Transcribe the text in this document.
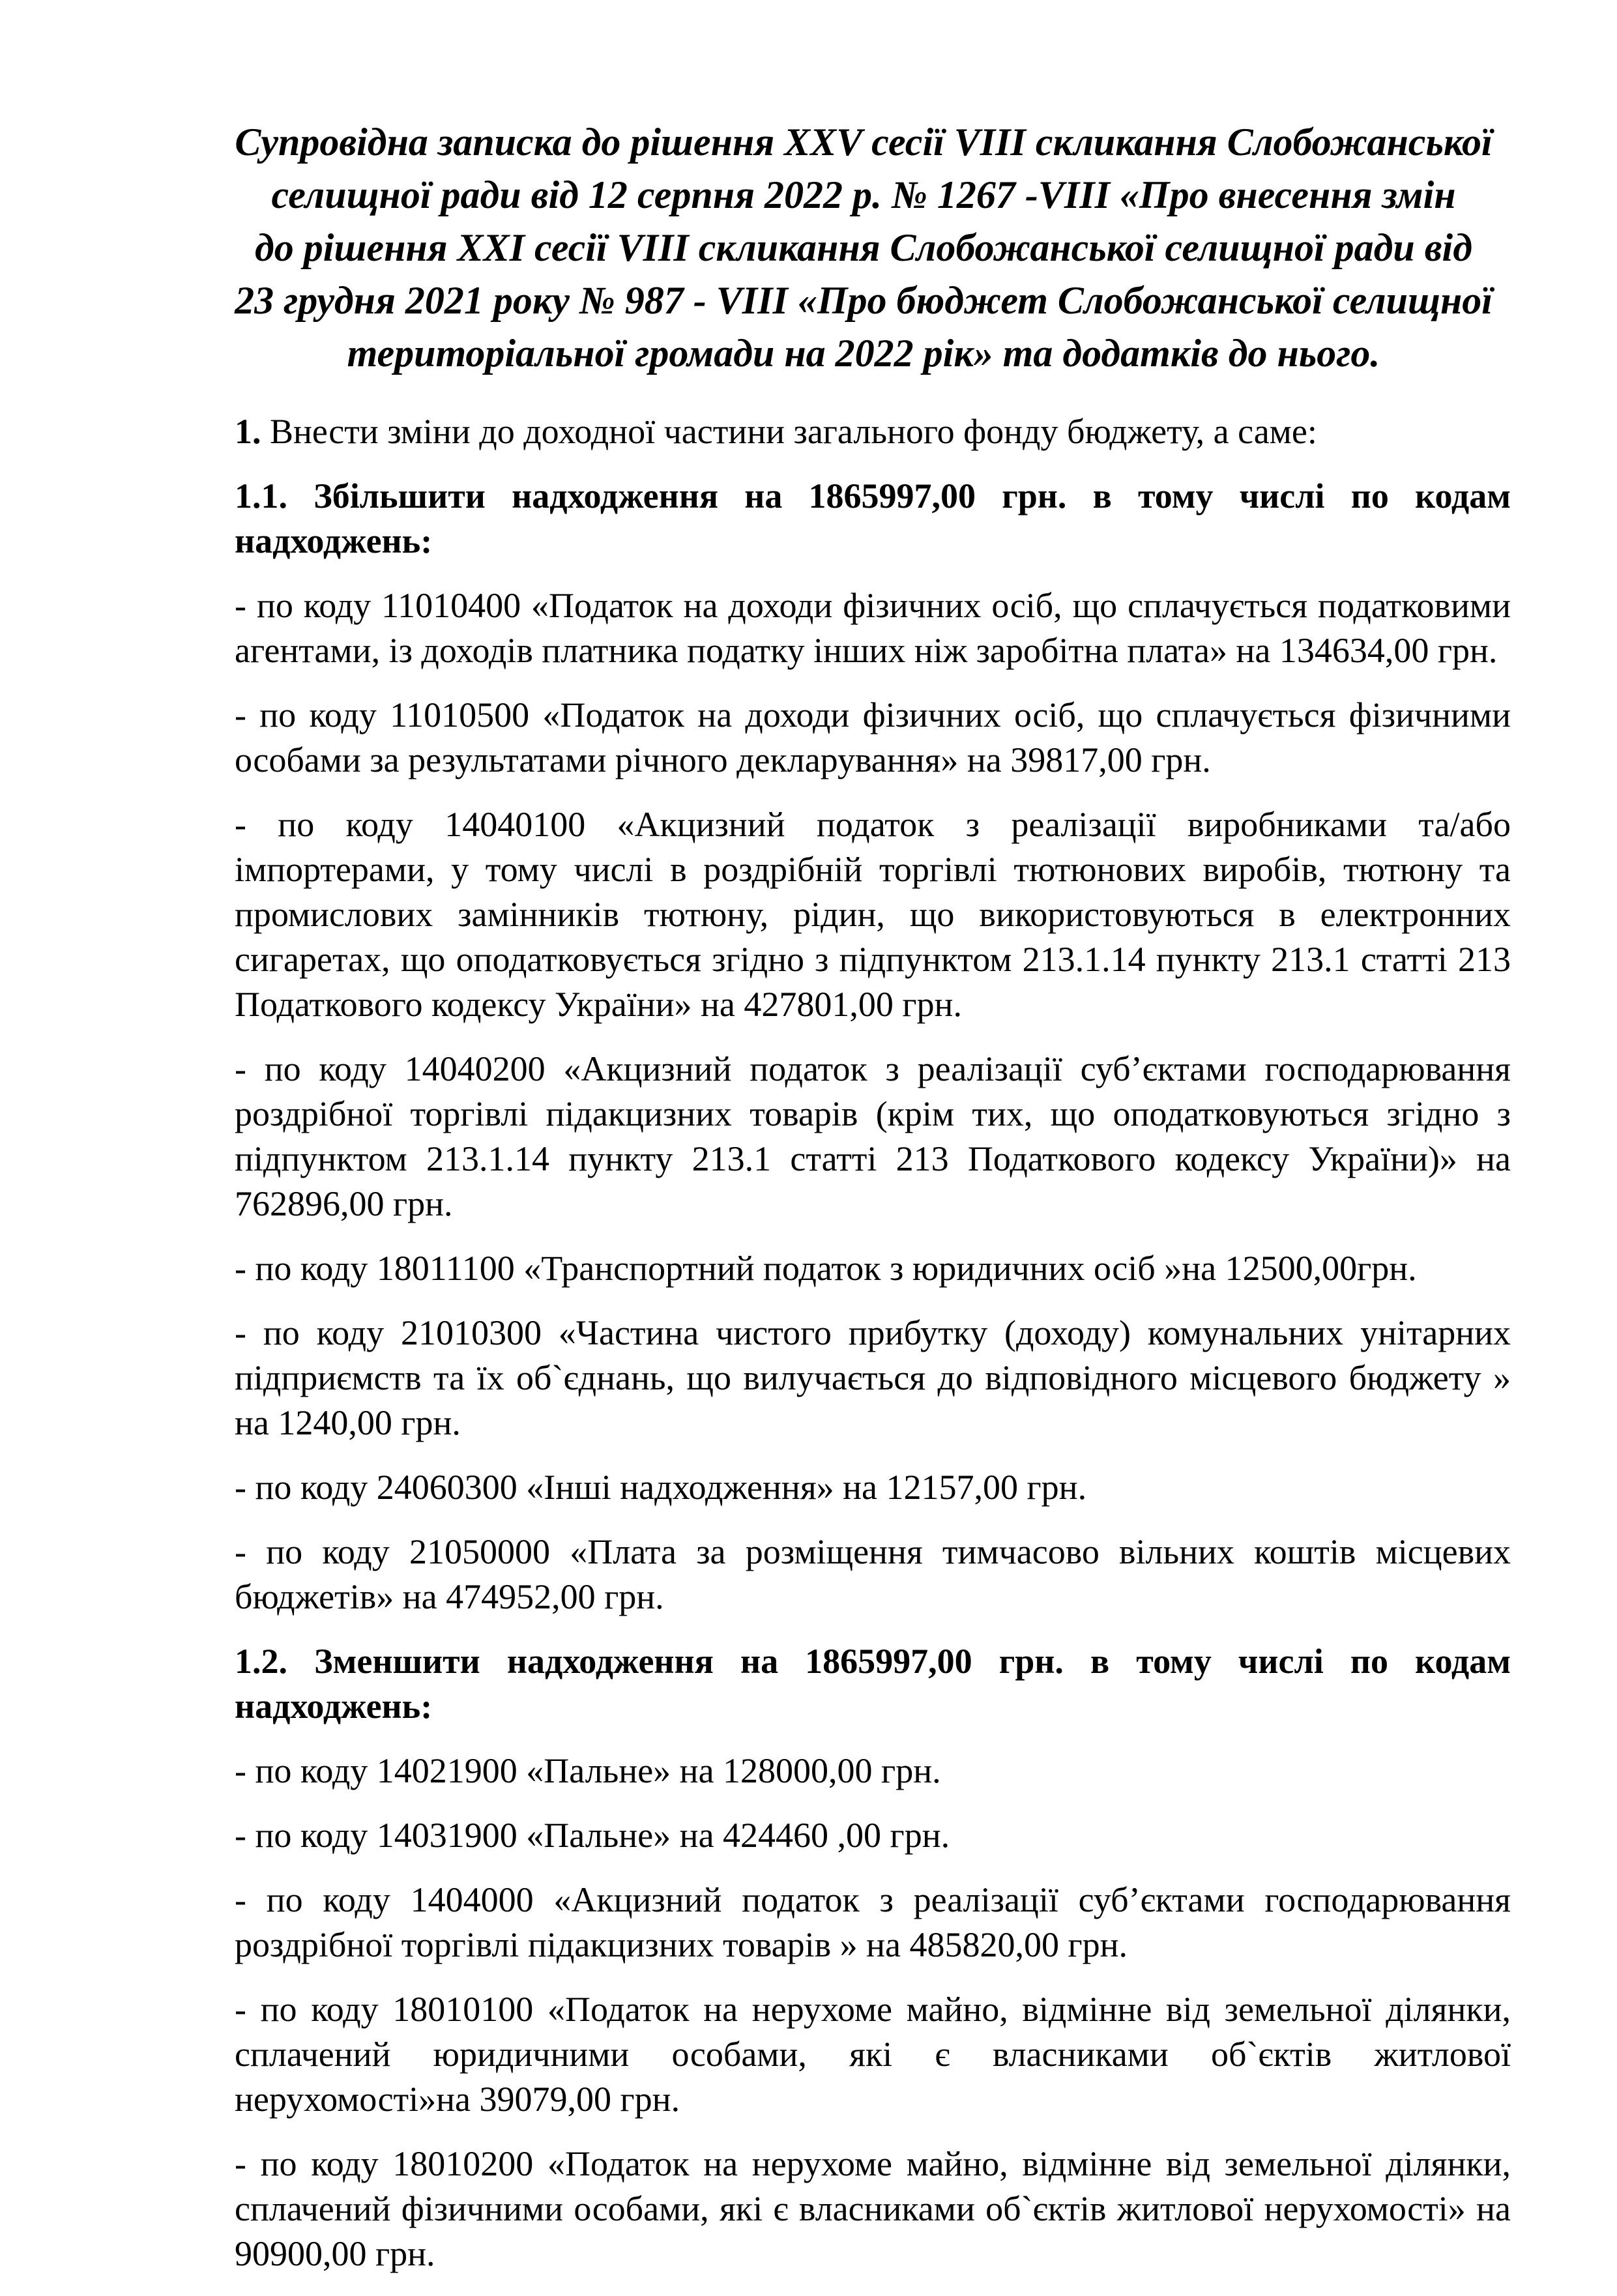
Супровідна записка до рішення XXV сесії VIII скликання Слобожанської
селищної ради від 12 серпня 2022 р. № 1267 -VIII «Про внесення змін
до рішення XXI сесії VIII скликання Слобожанської селищної ради від
23 грудня 2021 року № 987 - VIII «Про бюджет Слобожанської селищної
територіальної громади на 2022 рік» та додатків до нього.

1. Внести зміни до доходної частини загального фонду бюджету, а саме:

1.1. Збільшити надходження на 1865997,00 грн. в тому числі по кодам надходжень:

- по коду 11010400 «Податок на доходи фізичних осіб, що сплачується податковими агентами, із доходів платника податку інших ніж заробітна плата» на 134634,00 грн.

- по коду 11010500 «Податок на доходи фізичних осіб, що сплачується фізичними особами за результатами річного декларування» на 39817,00 грн.

- по коду 14040100 «Акцизний податок з реалізації виробниками та/або імпортерами, у тому числі в роздрібній торгівлі тютюнових виробів, тютюну та промислових замінників тютюну, рідин, що використовуються в електронних сигаретах, що оподатковується згідно з підпунктом 213.1.14 пункту 213.1 статті 213 Податкового кодексу України» на 427801,00 грн.

- по коду 14040200 «Акцизний податок з реалізації суб’єктами господарювання роздрібної торгівлі підакцизних товарів (крім тих, що оподатковуються згідно з підпунктом 213.1.14 пункту 213.1 статті 213 Податкового кодексу України)» на 762896,00 грн.

- по коду 18011100 «Транспортний податок з юридичних осіб »на 12500,00грн.

- по коду 21010300 «Частина чистого прибутку (доходу) комунальних унітарних підприємств та їх об`єднань, що вилучається до відповідного місцевого бюджету » на 1240,00 грн.

- по коду 24060300 «Інші надходження» на 12157,00 грн.

- по коду 21050000 «Плата за розміщення тимчасово вільних коштів місцевих бюджетів» на 474952,00 грн.

1.2. Зменшити надходження на 1865997,00 грн. в тому числі по кодам надходжень:

- по коду 14021900 «Пальне» на 128000,00 грн.

- по коду 14031900 «Пальне» на 424460 ,00 грн.

- по коду 1404000 «Акцизний податок з реалізації суб’єктами господарювання роздрібної торгівлі підакцизних товарів » на 485820,00 грн.

- по коду 18010100 «Податок на нерухоме майно, відмінне від земельної ділянки, сплачений юридичними особами, які є власниками об`єктів житлової нерухомості»на 39079,00 грн.

- по коду 18010200 «Податок на нерухоме майно, відмінне від земельної ділянки, сплачений фізичними особами, які є власниками об`єктів житлової нерухомості» на 90900,00 грн.
